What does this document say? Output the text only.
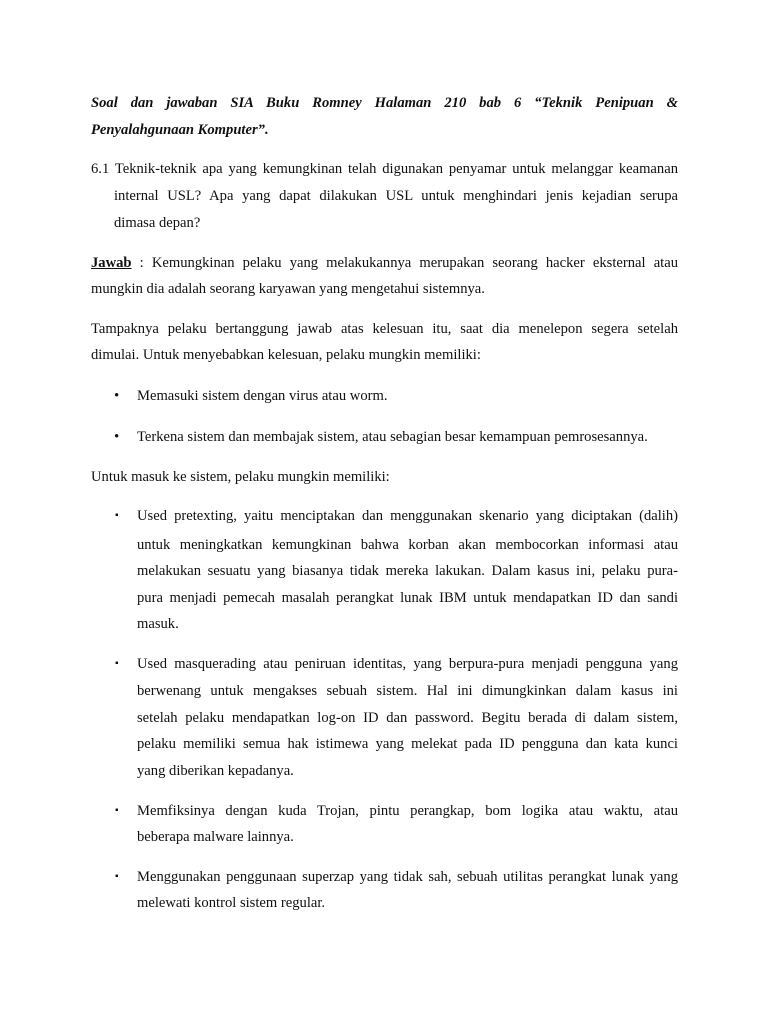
Soal dan jawaban SIA Buku Romney Halaman 210 bab 6 “Teknik Penipuan &
Penyalahgunaan Komputer”.
6.1 Teknik-teknik apa yang kemungkinan telah digunakan penyamar untuk melanggar keamanan
internal USL? Apa yang dapat dilakukan USL untuk menghindari jenis kejadian serupa
dimasa depan?
Jawab : Kemungkinan pelaku yang melakukannya merupakan seorang hacker eksternal atau
mungkin dia adalah seorang karyawan yang mengetahui sistemnya.
Tampaknya pelaku bertanggung jawab atas kelesuan itu, saat dia menelepon segera setelah
dimulai. Untuk menyebabkan kelesuan, pelaku mungkin memiliki:
• Memasuki sistem dengan virus atau worm.
• Terkena sistem dan membajak sistem, atau sebagian besar kemampuan pemrosesannya.
Untuk masuk ke sistem, pelaku mungkin memiliki:
▪ Used pretexting, yaitu menciptakan dan menggunakan skenario yang diciptakan (dalih)
untuk meningkatkan kemungkinan bahwa korban akan membocorkan informasi atau
melakukan sesuatu yang biasanya tidak mereka lakukan. Dalam kasus ini, pelaku pura-
pura menjadi pemecah masalah perangkat lunak IBM untuk mendapatkan ID dan sandi
masuk.
▪ Used masquerading atau peniruan identitas, yang berpura-pura menjadi pengguna yang
berwenang untuk mengakses sebuah sistem. Hal ini dimungkinkan dalam kasus ini
setelah pelaku mendapatkan log-on ID dan password. Begitu berada di dalam sistem,
pelaku memiliki semua hak istimewa yang melekat pada ID pengguna dan kata kunci
yang diberikan kepadanya.
▪ Memfiksinya dengan kuda Trojan, pintu perangkap, bom logika atau waktu, atau
beberapa malware lainnya.
▪ Menggunakan penggunaan superzap yang tidak sah, sebuah utilitas perangkat lunak yang
melewati kontrol sistem regular.
